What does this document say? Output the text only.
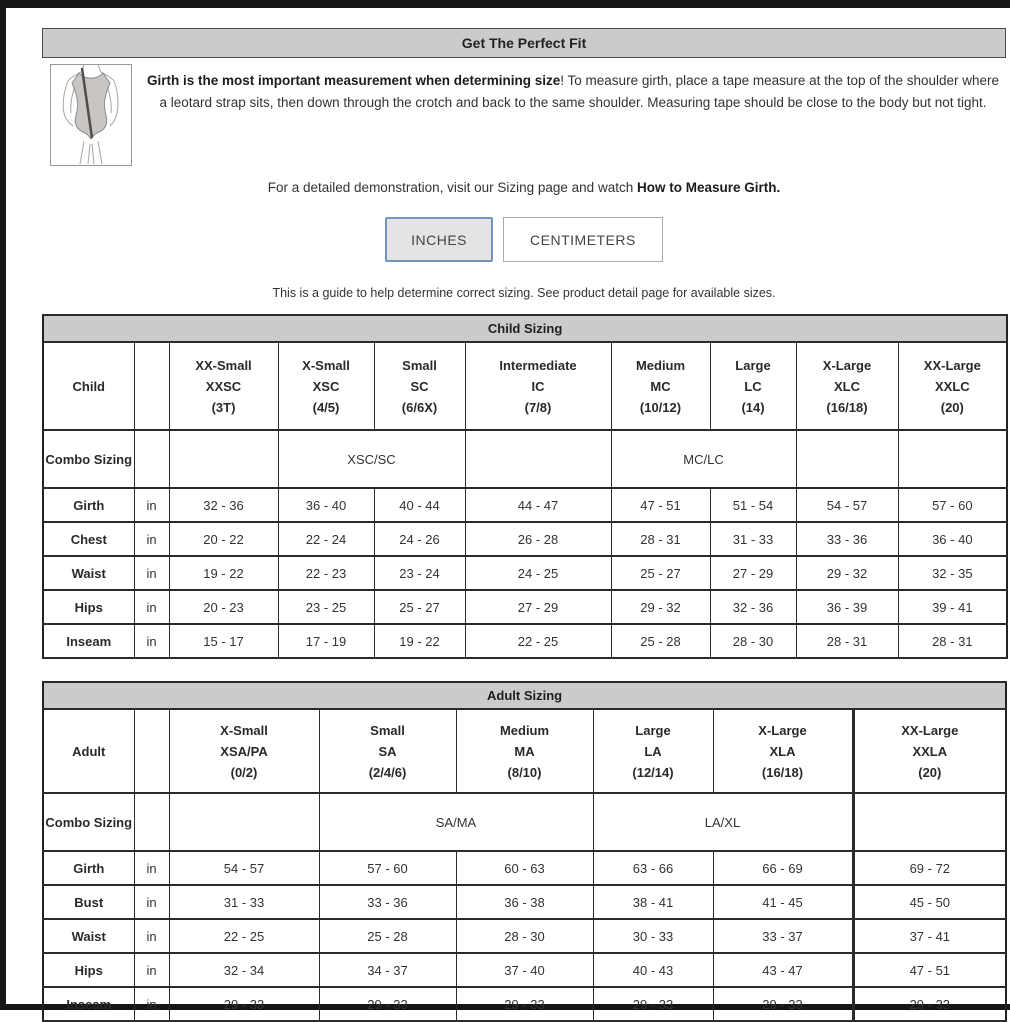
Get The Perfect Fit

Girth is the most important measurement when determining size! To measure girth, place a tape measure at the top of the shoulder where a leotard strap sits, then down through the crotch and back to the same shoulder. Measuring tape should be close to the body but not tight.

For a detailed demonstration, visit our Sizing page and watch How to Measure Girth.

INCHES	CENTIMETERS

This is a guide to help determine correct sizing. See product detail page for available sizes.

Child Sizing									
Child		XX-Small
XXSC
(3T)	X-Small
XSC
(4/5)	Small
SC
(6/6X)	Intermediate
IC
(7/8)	Medium
MC
(10/12)	Large
LC
(14)	X-Large
XLC
(16/18)	XX-Large
XXLC
(20)

Combo Sizing			XSC/SC			MC/LC			
Girth	in	32 - 36	36 - 40	40 - 44	44 - 47	47 - 51	51 - 54	54 - 57	57 - 60
Chest	in	20 - 22	22 - 24	24 - 26	26 - 28	28 - 31	31 - 33	33 - 36	36 - 40
Waist	in	19 - 22	22 - 23	23 - 24	24 - 25	25 - 27	27 - 29	29 - 32	32 - 35
Hips	in	20 - 23	23 - 25	25 - 27	27 - 29	29 - 32	32 - 36	36 - 39	39 - 41
Inseam	in	15 - 17	17 - 19	19 - 22	22 - 25	25 - 28	28 - 30	28 - 31	28 - 31
Adult Sizing							
Adult		X-Small
XSA/PA
(0/2)	Small
SA
(2/4/6)	Medium
MA
(8/10)	Large
LA
(12/14)	X-Large
XLA
(16/18)	XX-Large
XXLA
(20)

Combo Sizing			SA/MA		LA/XL		
Girth	in	54 - 57	57 - 60	60 - 63	63 - 66	66 - 69	69 - 72
Bust	in	31 - 33	33 - 36	36 - 38	38 - 41	41 - 45	45 - 50
Waist	in	22 - 25	25 - 28	28 - 30	30 - 33	33 - 37	37 - 41
Hips	in	32 - 34	34 - 37	37 - 40	40 - 43	43 - 47	47 - 51
Inseam	in	29 - 33	29 - 33	29 - 33	29 - 33	29 - 33	29 - 33
